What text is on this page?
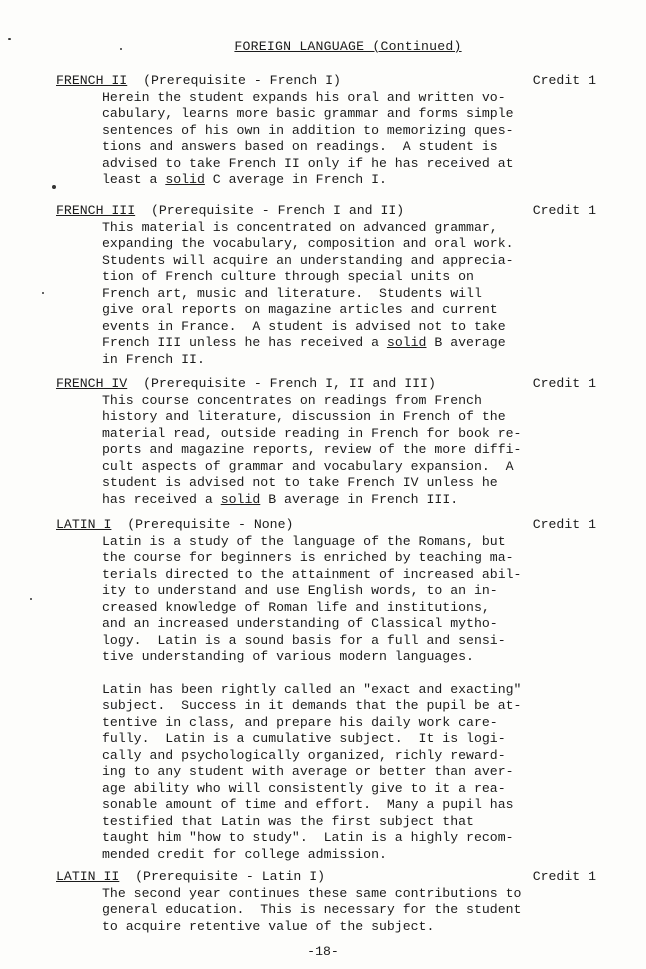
FOREIGN LANGUAGE (Continued)
FRENCH II (Prerequisite - French I)	Credit 1
Herein the student expands his oral and written vo-
cabulary, learns more basic grammar and forms simple
sentences of his own in addition to memorizing ques-
tions and answers based on readings.  A student is
advised to take French II only if he has received at
least a solid C average in French I.
FRENCH III (Prerequisite - French I and II)	Credit 1
This material is concentrated on advanced grammar,
expanding the vocabulary, composition and oral work.
Students will acquire an understanding and apprecia-
tion of French culture through special units on
French art, music and literature.  Students will
give oral reports on magazine articles and current
events in France.  A student is advised not to take
French III unless he has received a solid B average
in French II.
FRENCH IV (Prerequisite - French I, II and III)	Credit 1
This course concentrates on readings from French
history and literature, discussion in French of the
material read, outside reading in French for book re-
ports and magazine reports, review of the more diffi-
cult aspects of grammar and vocabulary expansion.  A
student is advised not to take French IV unless he
has received a solid B average in French III.
LATIN I (Prerequisite - None)	Credit 1
Latin is a study of the language of the Romans, but
the course for beginners is enriched by teaching ma-
terials directed to the attainment of increased abil-
ity to understand and use English words, to an in-
creased knowledge of Roman life and institutions,
and an increased understanding of Classical mytho-
logy.  Latin is a sound basis for a full and sensi-
tive understanding of various modern languages.
Latin has been rightly called an "exact and exacting"
subject.  Success in it demands that the pupil be at-
tentive in class, and prepare his daily work care-
fully.  Latin is a cumulative subject.  It is logi-
cally and psychologically organized, richly reward-
ing to any student with average or better than aver-
age ability who will consistently give to it a rea-
sonable amount of time and effort.  Many a pupil has
testified that Latin was the first subject that
taught him "how to study".  Latin is a highly recom-
mended credit for college admission.
LATIN II (Prerequisite - Latin I)	Credit 1
The second year continues these same contributions to
general education.  This is necessary for the student
to acquire retentive value of the subject.
-18-
